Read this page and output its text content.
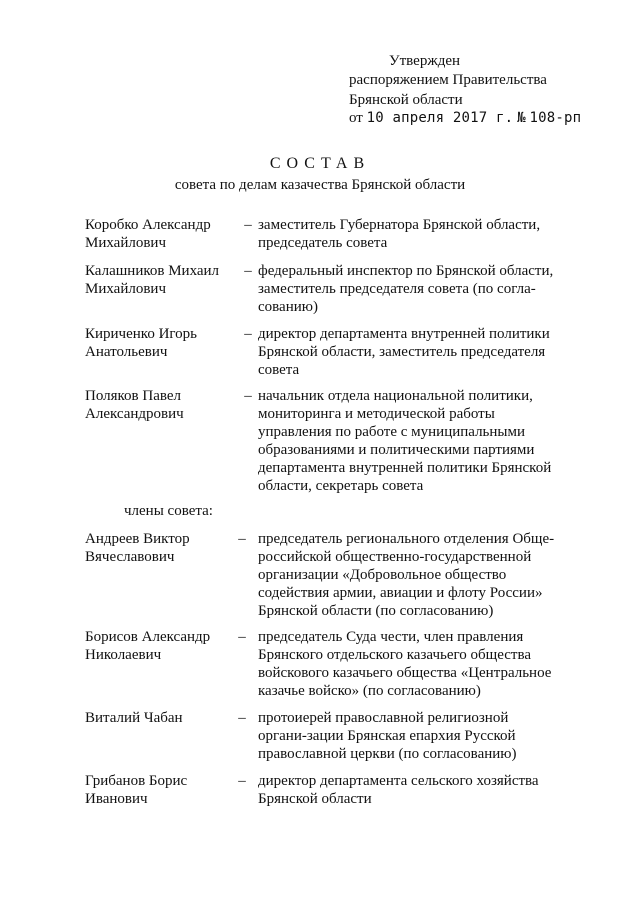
Утвержден
распоряжением Правительства
Брянской области
от 10 апреля 2017 г. № 108-рп
СОСТАВ
совета по делам казачества Брянской области
Коробко Александр Михайлович
– заместитель Губернатора Брянской области, председатель совета
Калашников Михаил Михайлович
– федеральный инспектор по Брянской области, заместитель председателя совета (по согла-сованию)
Кириченко Игорь Анатольевич
– директор департамента внутренней политики Брянской области, заместитель председателя совета
Поляков Павел Александрович
– начальник отдела национальной политики, мониторинга и методической работы управления по работе с муниципальными образованиями и политическими партиями департамента внутренней политики Брянской области, секретарь совета
члены совета:
Андреев Виктор Вячеславович
– председатель регионального отделения Обще-российской общественно-государственной организации «Добровольное общество содействия армии, авиации и флоту России» Брянской области (по согласованию)
Борисов Александр Николаевич
– председатель Суда чести, член правления Брянского отдельского казачьего общества войскового казачьего общества «Центральное казачье войско» (по согласованию)
Виталий Чабан	– протоиерей православной религиозной органи-зации Брянская епархия Русской православной церкви (по согласованию)
Грибанов Борис Иванович
– директор департамента сельского хозяйства Брянской области
